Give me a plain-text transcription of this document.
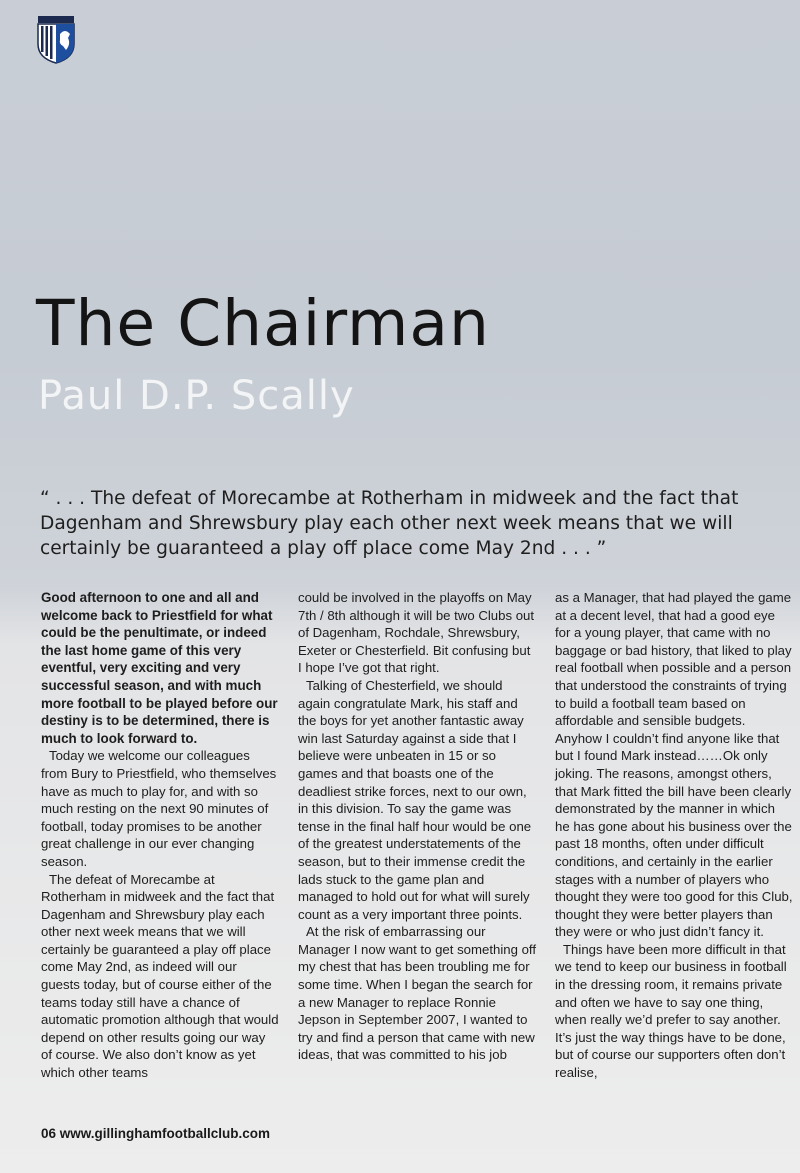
The Chairman
Paul D.P. Scally

“ . . . The defeat of Morecambe at Rotherham in midweek and the fact that Dagenham and Shrewsbury play each other next week means that we will certainly be guaranteed a play off place come May 2nd . . . ”

Good afternoon to one and all and welcome back to Priestfield for what could be the penultimate, or indeed the last home game of this very eventful, very exciting and very successful season, and with much more football to be played before our destiny is to be determined, there is much to look forward to.

Today we welcome our colleagues from Bury to Priestfield, who themselves have as much to play for, and with so much resting on the next 90 minutes of football, today promises to be another great challenge in our ever changing season.

The defeat of Morecambe at Rotherham in midweek and the fact that Dagenham and Shrewsbury play each other next week means that we will certainly be guaranteed a play off place come May 2nd, as indeed will our guests today, but of course either of the teams today still have a chance of automatic promotion although that would depend on other results going our way of course. We also don’t know as yet which other teams

could be involved in the playoffs on May 7th / 8th although it will be two Clubs out of Dagenham, Rochdale, Shrewsbury, Exeter or Chesterfield. Bit confusing but I hope I’ve got that right.

Talking of Chesterfield, we should again congratulate Mark, his staff and the boys for yet another fantastic away win last Saturday against a side that I believe were unbeaten in 15 or so games and that boasts one of the deadliest strike forces, next to our own, in this division. To say the game was tense in the final half hour would be one of the greatest understatements of the season, but to their immense credit the lads stuck to the game plan and managed to hold out for what will surely count as a very important three points.

At the risk of embarrassing our Manager I now want to get something off my chest that has been troubling me for some time. When I began the search for a new Manager to replace Ronnie Jepson in September 2007, I wanted to try and find a person that came with new ideas, that was committed to his job

as a Manager, that had played the game at a decent level, that had a good eye for a young player, that came with no baggage or bad history, that liked to play real football when possible and a person that understood the constraints of trying to build a football team based on affordable and sensible budgets. Anyhow I couldn’t find anyone like that but I found Mark instead……Ok only joking. The reasons, amongst others, that Mark fitted the bill have been clearly demonstrated by the manner in which he has gone about his business over the past 18 months, often under difficult conditions, and certainly in the earlier stages with a number of players who thought they were too good for this Club, thought they were better players than they were or who just didn’t fancy it.

Things have been more difficult in that we tend to keep our business in football in the dressing room, it remains private and often we have to say one thing, when really we’d prefer to say another. It’s just the way things have to be done, but of course our supporters often don’t realise,

06 www.gillinghamfootballclub.com
